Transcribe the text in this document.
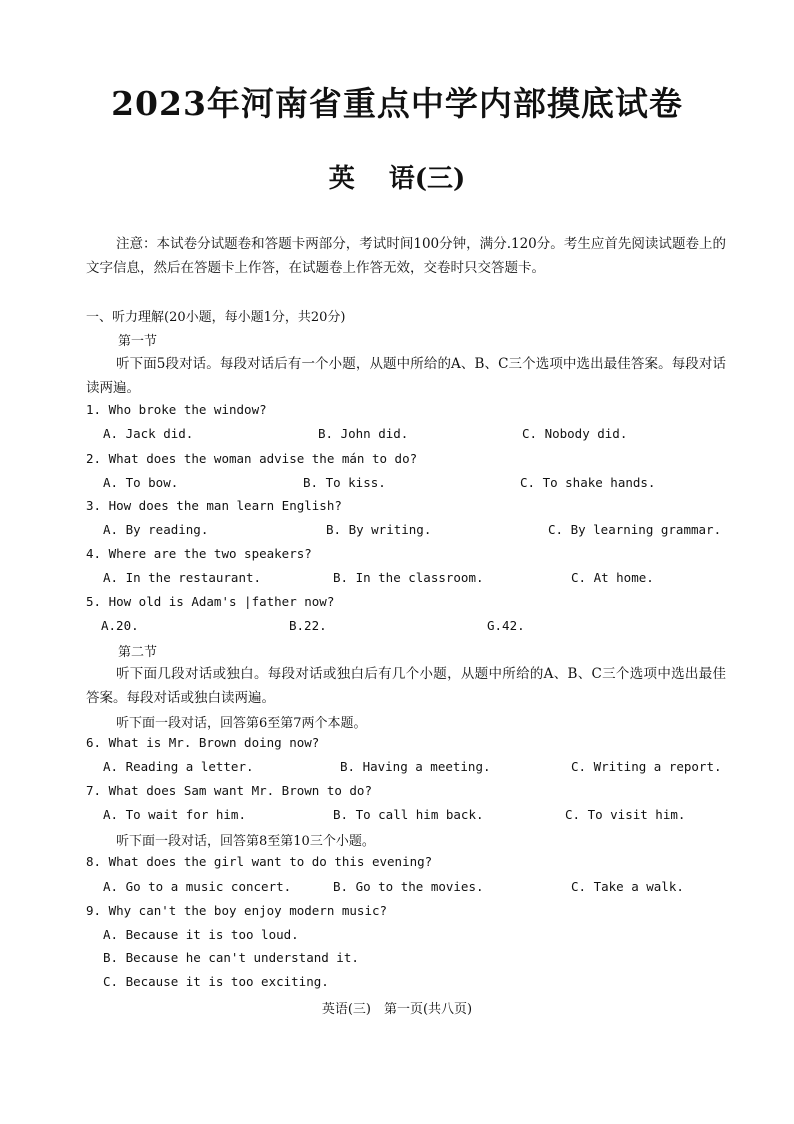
2023年河南省重点中学内部摸底试卷
英 语(三)
注意：本试卷分试题卷和答题卡两部分，考试时间100分钟，满分.120分。考生应首先阅读试题卷上的文字信息，然后在答题卡上作答，在试题卷上作答无效，交卷时只交答题卡。
一、听力理解(20小题，每小题1分，共20分)
第一节
听下面5段对话。每段对话后有一个小题，从题中所给的A、B、C三个选项中选出最佳答案。每段对话读两遍。
1. Who broke the window?
A. Jack did.	B. John did.	C. Nobody did.
2. What does the woman advise the mán to do?
A. To bow.	B. To kiss.	C. To shake hands.
3. How does the man learn English?
A. By reading.	B. By writing.	C. By learning grammar.
4. Where are the two speakers?
A. In the restaurant.	B. In the classroom.	C. At home.
5. How old is Adam's |father now?
A.20.	B.22.	G.42.
第二节
听下面几段对话或独白。每段对话或独白后有几个小题，从题中所给的A、B、C三个选项中选出最佳答案。每段对话或独白读两遍。
听下面一段对话，回答第6至第7两个本题。
6. What is Mr. Brown doing now?
A. Reading a letter.	B. Having a meeting.	C. Writing a report.
7. What does Sam want Mr. Brown to do?
A. To wait for him.	B. To call him back.	C. To visit him.
听下面一段对话，回答第8至第10三个小题。
8. What does the girl want to do this evening?
A. Go to a music concert.	B. Go to the movies.	C. Take a walk.
9. Why can't the boy enjoy modern music?
A. Because it is too loud.
B. Because he can't understand it.
C. Because it is too exciting.
英语(三)　第一页(共八页)
